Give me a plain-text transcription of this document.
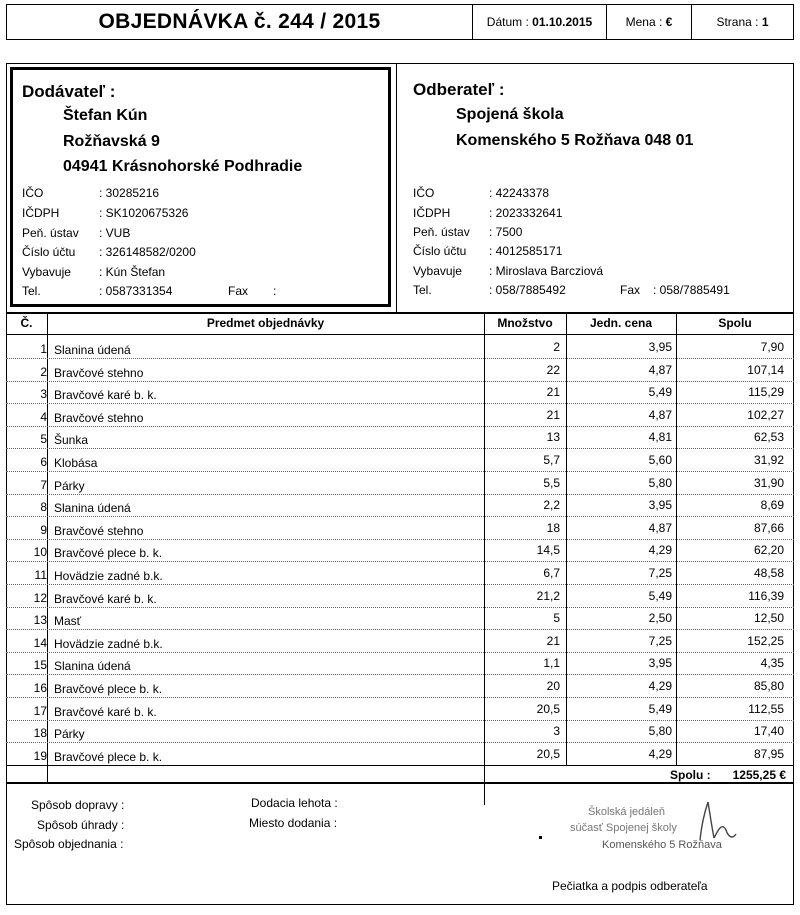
OBJEDNÁVKA č. 244 / 2015	Dátum : 01.10.2015	Mena : €	Strana : 1
Dodávateľ :
Štefan Kún
Rožňavská 9
04941 Krásnohorské Podhradie
IČO	: 30285216
IČDPH	: SK1020675326
Peň. ústav : VUB
Číslo účtu : 326148582/0200
Vybavuje : Kún Štefan
Tel.	: 0587331354	Fax :
Odberateľ :
Spojená škola
Komenského 5 Rožňava 048 01
IČO	: 42243378
IČDPH	: 2023332641
Peň. ústav : 7500
Číslo účtu : 4012585171
Vybavuje : Miroslava Barcziová
Tel.	: 058/7885492	Fax : 058/7885491
Č.	Predmet objednávky	Množstvo	Jedn. cena	Spolu
1 Slanina údená	2	3,95	7,90
2 Bravčové stehno	22	4,87	107,14
3 Bravčové karé b. k.	21	5,49	115,29
4 Bravčové stehno	21	4,87	102,27
5 Šunka	13	4,81	62,53
6 Klobása	5,7	5,60	31,92
7 Párky	5,5	5,80	31,90
8 Slanina údená	2,2	3,95	8,69
9 Bravčové stehno	18	4,87	87,66
10 Bravčové plece b. k.	14,5	4,29	62,20
11 Hovädzie zadné b.k.	6,7	7,25	48,58
12 Bravčové karé b. k.	21,2	5,49	116,39
13 Masť	5	2,50	12,50
14 Hovädzie zadné b.k.	21	7,25	152,25
15 Slanina údená	1,1	3,95	4,35
16 Bravčové plece b. k.	20	4,29	85,80
17 Bravčové karé b. k.	20,5	5,49	112,55
18 Párky	3	5,80	17,40
19 Bravčové plece b. k.	20,5	4,29	87,95
Spolu :	1255,25 €
Spôsob dopravy :
Spôsob úhrady :
Spôsob objednania :
Dodacia lehota :
Miesto dodania :
Školská jedáleň
súčasť Spojenej školy
Komenského 5 Rožňava
Pečiatka a podpis odberateľa
